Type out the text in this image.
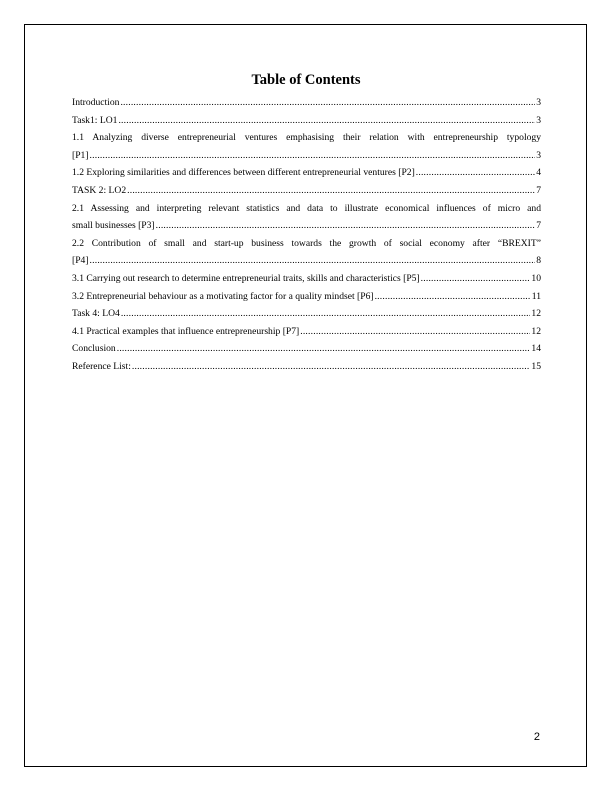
Table of Contents
Introduction .....	3
Task1: LO1 .....	3
1.1 Analyzing diverse entrepreneurial ventures emphasising their relation with entrepreneurship typology
[P1] .....	3
1.2 Exploring similarities and differences between different entrepreneurial ventures [P2] .....	4
TASK 2: LO2 .....	7
2.1 Assessing and interpreting relevant statistics and data to illustrate economical influences of micro and
small businesses [P3] .....	7
2.2 Contribution of small and start-up business towards the growth of social economy after “BREXIT”
[P4] .....	8
3.1 Carrying out research to determine entrepreneurial traits, skills and characteristics [P5] .....	10
3.2 Entrepreneurial behaviour as a motivating factor for a quality mindset [P6] .....	11
Task 4: LO4 .....	12
4.1 Practical examples that influence entrepreneurship [P7] .....	12
Conclusion .....	14
Reference List: .....	15
2
